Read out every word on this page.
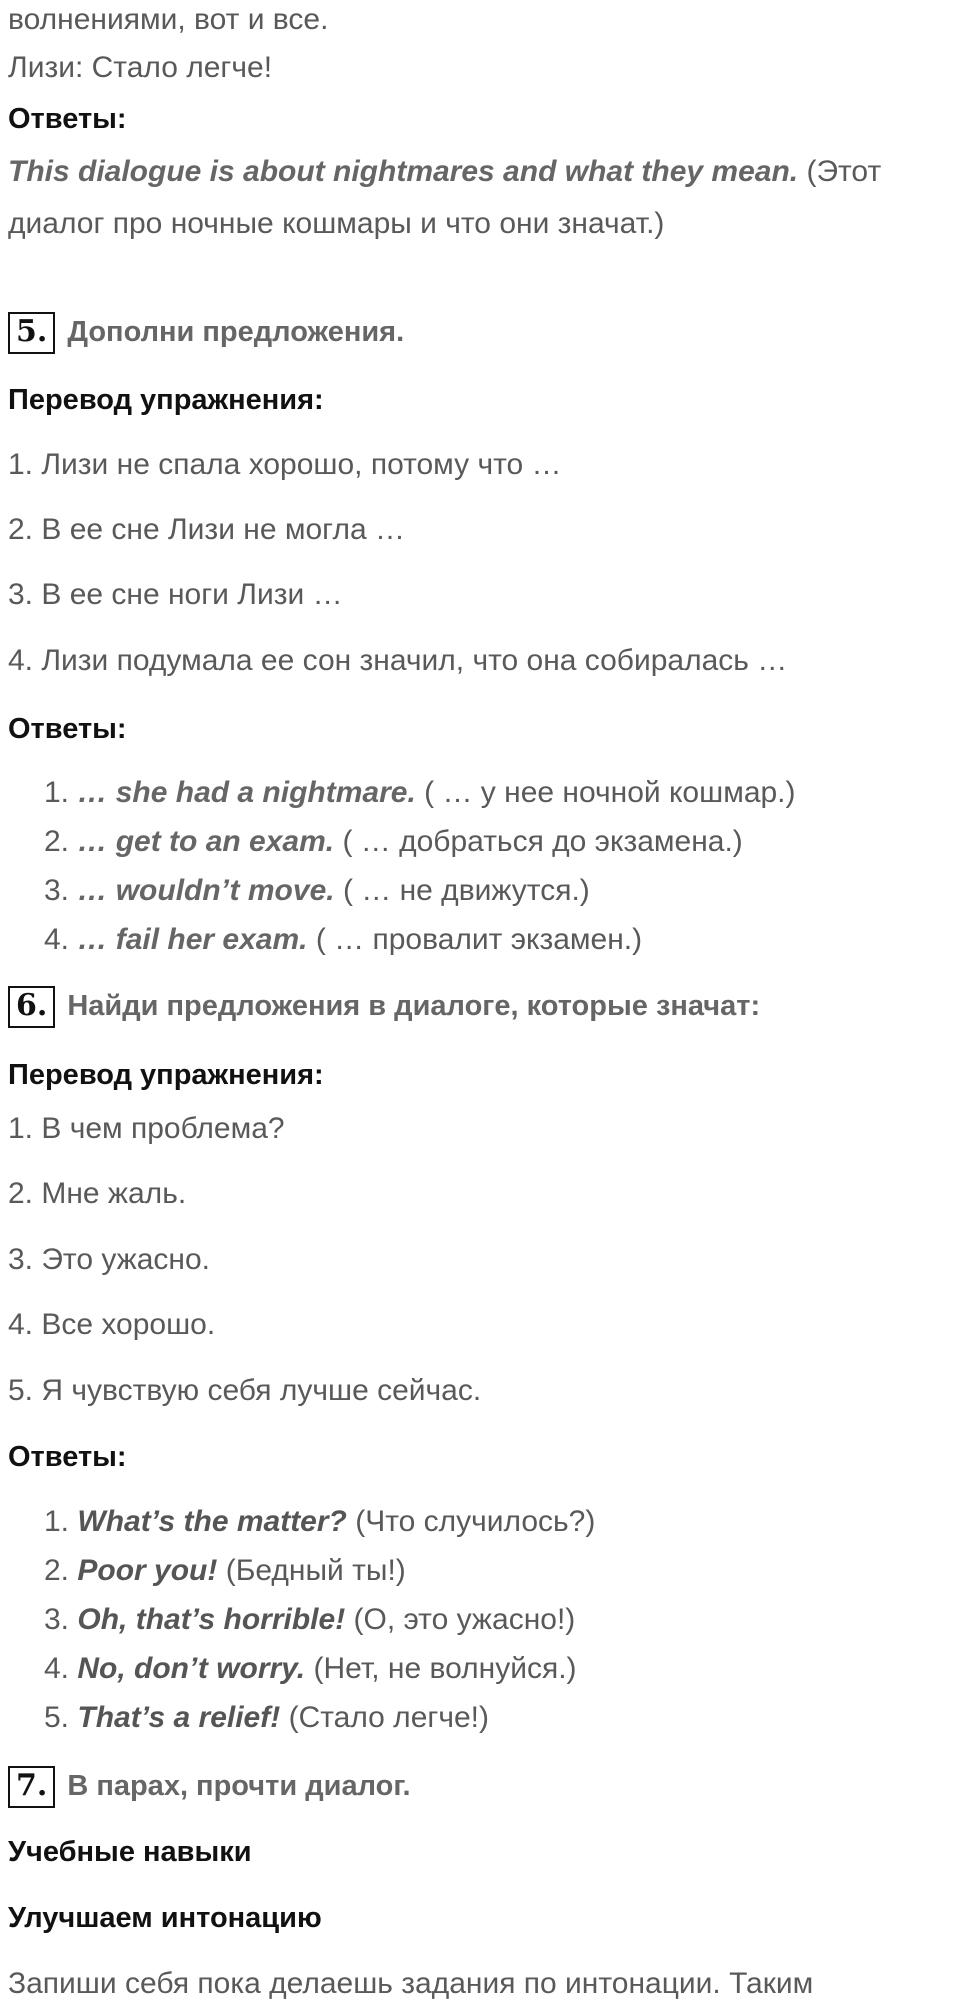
волнениями, вот и все.
Лизи: Стало легче!
Ответы:
This dialogue is about nightmares and what they mean. (Этот диалог про ночные кошмары и что они значат.)
5. Дополни предложения.
Перевод упражнения:
1. Лизи не спала хорошо, потому что …
2. В ее сне Лизи не могла …
3. В ее сне ноги Лизи …
4. Лизи подумала ее сон значил, что она собиралась …
Ответы:
1. … she had a nightmare. ( … у нее ночной кошмар.)
2. … get to an exam. ( … добраться до экзамена.)
3. … wouldn’t move. ( … не движутся.)
4. … fail her exam. ( … провалит экзамен.)
6. Найди предложения в диалоге, которые значат:
Перевод упражнения:
1. В чем проблема?
2. Мне жаль.
3. Это ужасно.
4. Все хорошо.
5. Я чувствую себя лучше сейчас.
Ответы:
1. What’s the matter? (Что случилось?)
2. Poor you! (Бедный ты!)
3. Oh, that’s horrible! (О, это ужасно!)
4. No, don’t worry. (Нет, не волнуйся.)
5. That’s a relief! (Стало легче!)
7. В парах, прочти диалог.
Учебные навыки
Улучшаем интонацию
Запиши себя пока делаешь задания по интонации. Таким
